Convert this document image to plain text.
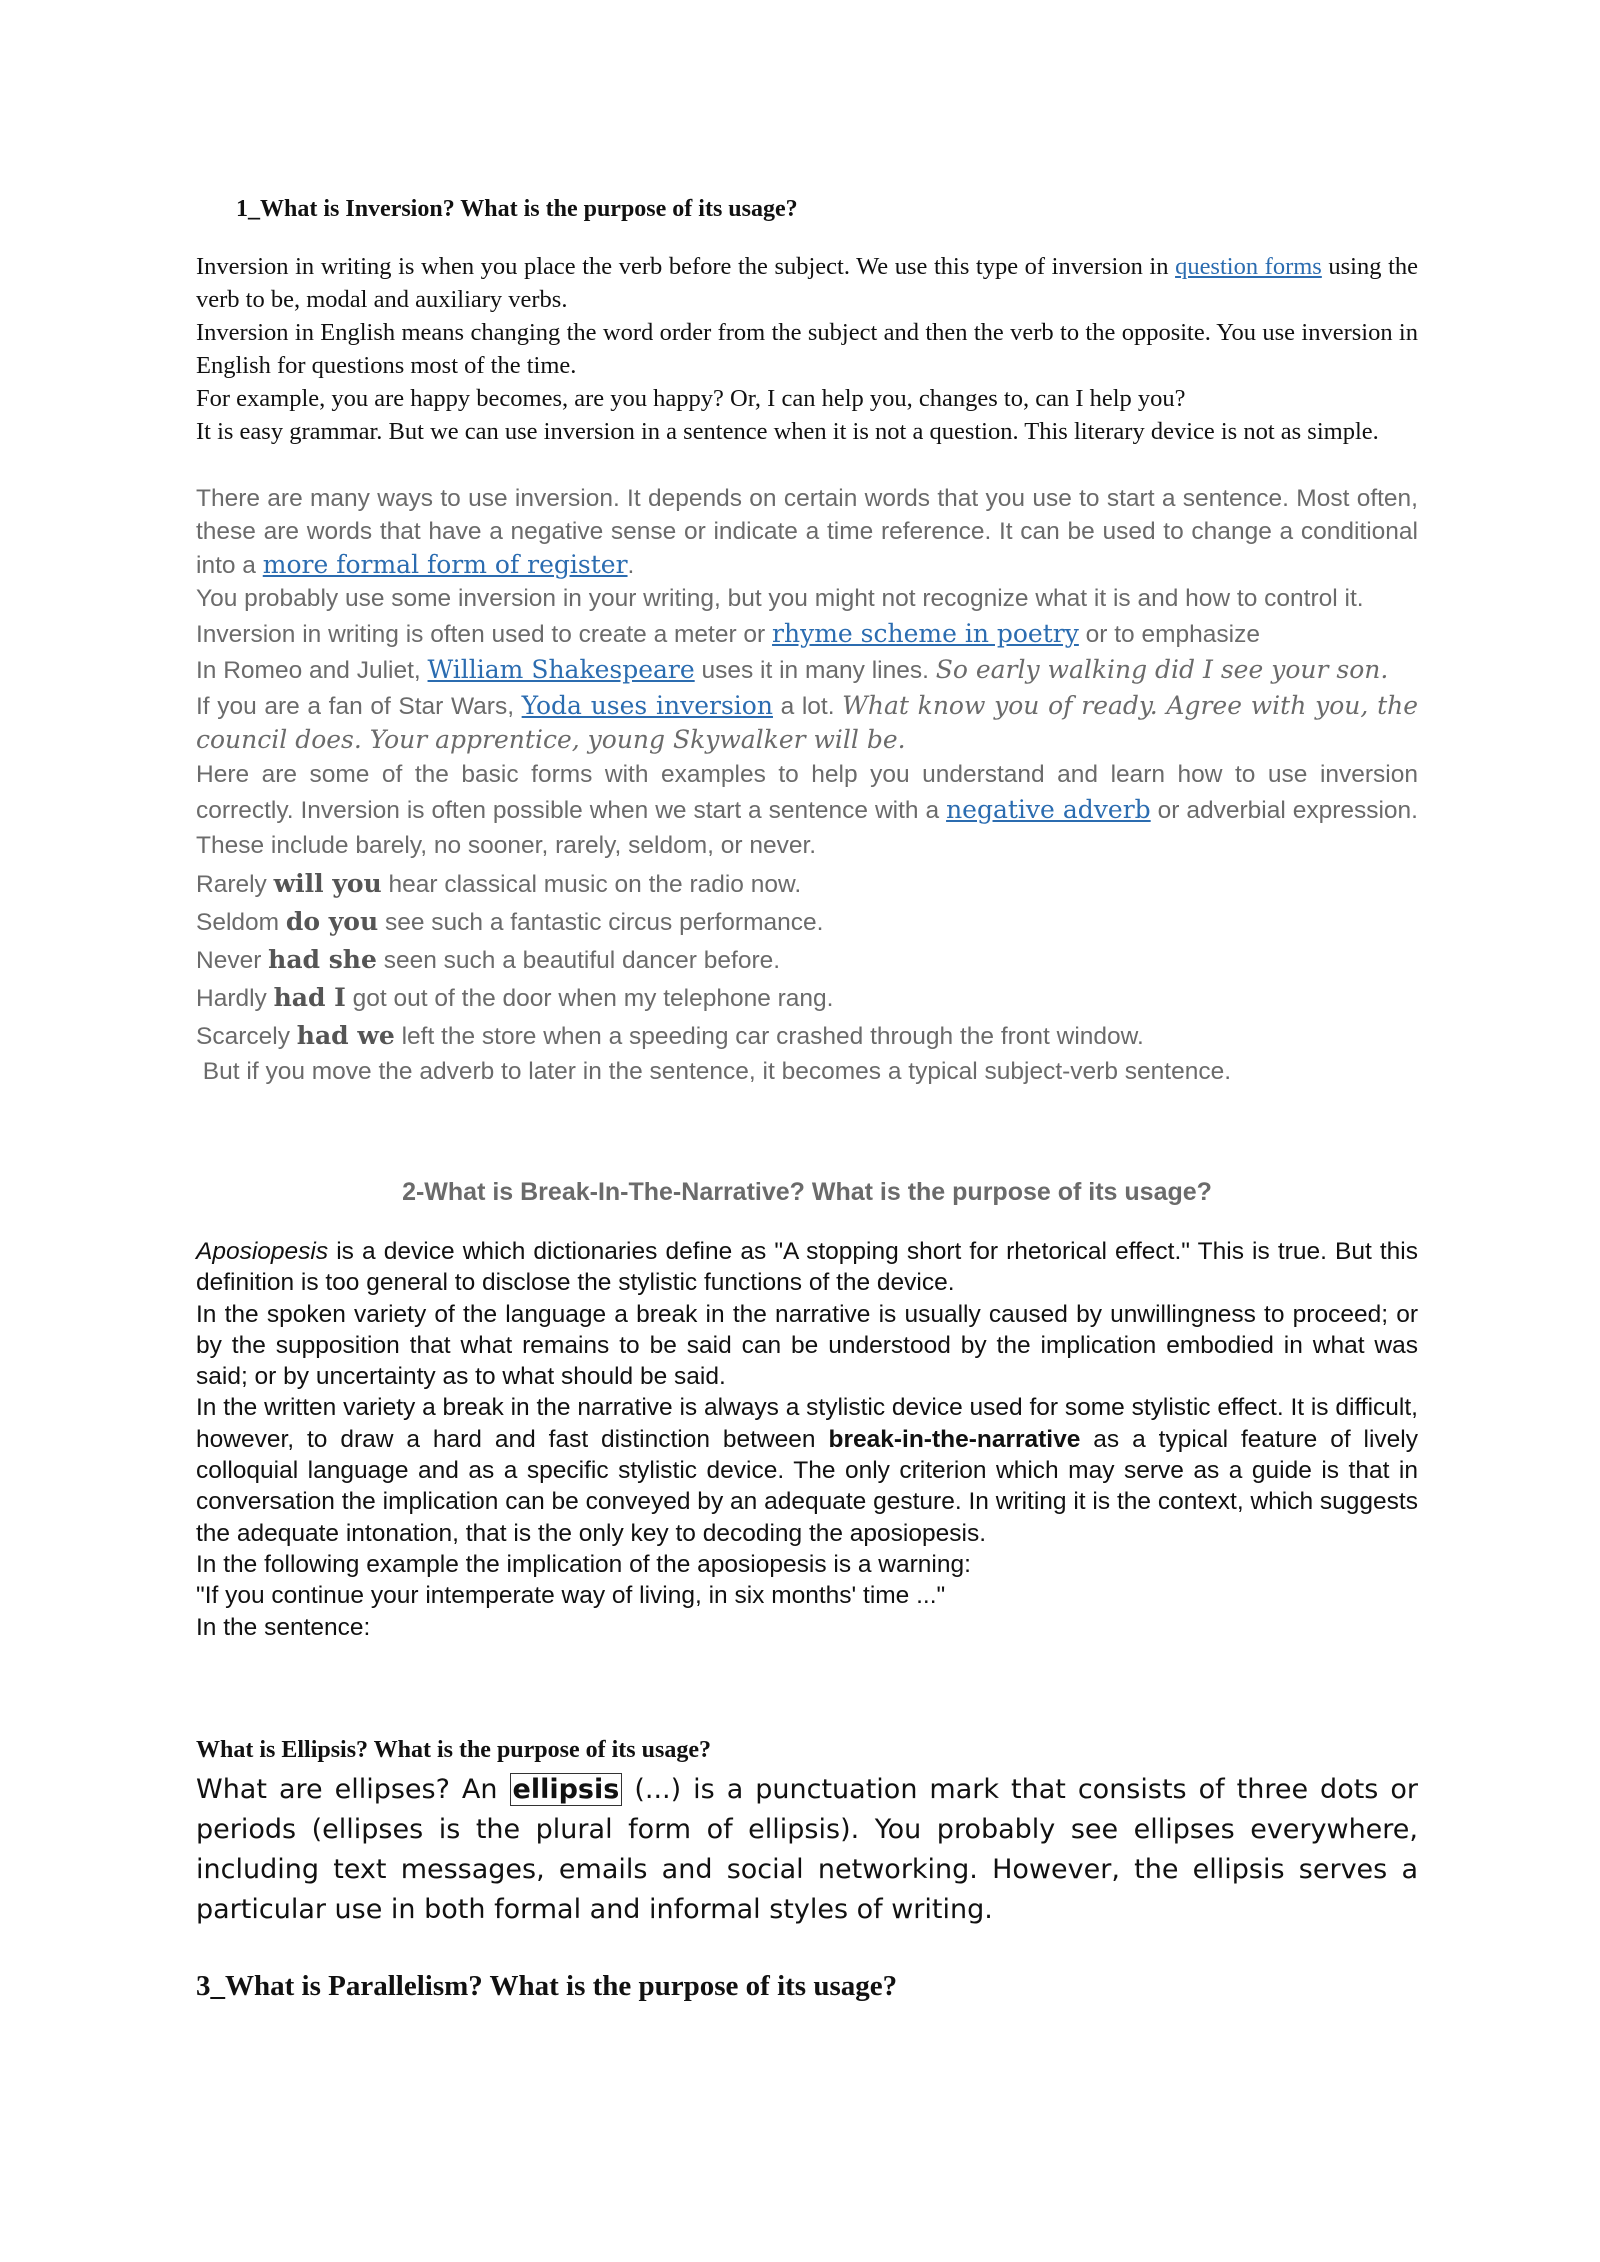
1_What is Inversion? What is the purpose of its usage?

Inversion in writing is when you place the verb before the subject. We use this type of inversion in question forms using the verb to be, modal and auxiliary verbs.

Inversion in English means changing the word order from the subject and then the verb to the opposite. You use inversion in English for questions most of the time.

For example, you are happy becomes, are you happy? Or, I can help you, changes to, can I help you?

It is easy grammar. But we can use inversion in a sentence when it is not a question. This literary device is not as simple.

There are many ways to use inversion. It depends on certain words that you use to start a sentence. Most often, these are words that have a negative sense or indicate a time reference. It can be used to change a conditional into a more formal form of register.

You probably use some inversion in your writing, but you might not recognize what it is and how to control it.

Inversion in writing is often used to create a meter or rhyme scheme in poetry or to emphasize

In Romeo and Juliet, William Shakespeare uses it in many lines. So early walking did I see your son.

If you are a fan of Star Wars, Yoda uses inversion a lot. What know you of ready. Agree with you, the council does. Your apprentice, young Skywalker will be.

Here are some of the basic forms with examples to help you understand and learn how to use inversion correctly. Inversion is often possible when we start a sentence with a negative adverb or adverbial expression. These include barely, no sooner, rarely, seldom, or never.

Rarely will you hear classical music on the radio now.

Seldom do you see such a fantastic circus performance.

Never had she seen such a beautiful dancer before.

Hardly had I got out of the door when my telephone rang.

Scarcely had we left the store when a speeding car crashed through the front window.

But if you move the adverb to later in the sentence, it becomes a typical subject-verb sentence.

2-What is Break-In-The-Narrative? What is the purpose of its usage?

Aposiopesis is a device which dictionaries define as "A stopping short for rhetorical effect." This is true. But this definition is too general to disclose the stylistic functions of the device.

In the spoken variety of the language a break in the narrative is usually caused by unwillingness to proceed; or by the supposition that what remains to be said can be understood by the implication embodied in what was said; or by uncertainty as to what should be said.

In the written variety a break in the narrative is always a stylistic device used for some stylistic effect. It is difficult, however, to draw a hard and fast distinction between break-in-the-narrative as a typical feature of lively colloquial language and as a specific stylistic device. The only criterion which may serve as a guide is that in conversation the implication can be conveyed by an adequate gesture. In writing it is the context, which suggests the adequate intonation, that is the only key to decoding the aposiopesis.

In the following example the implication of the aposiopesis is a warning:

"If you continue your intemperate way of living, in six months' time ..."

In the sentence:

What is Ellipsis? What is the purpose of its usage?

What are ellipses? An ellipsis (...) is a punctuation mark that consists of three dots or periods (ellipses is the plural form of ellipsis). You probably see ellipses everywhere, including text messages, emails and social networking. However, the ellipsis serves a particular use in both formal and informal styles of writing.

3_What is Parallelism? What is the purpose of its usage?
